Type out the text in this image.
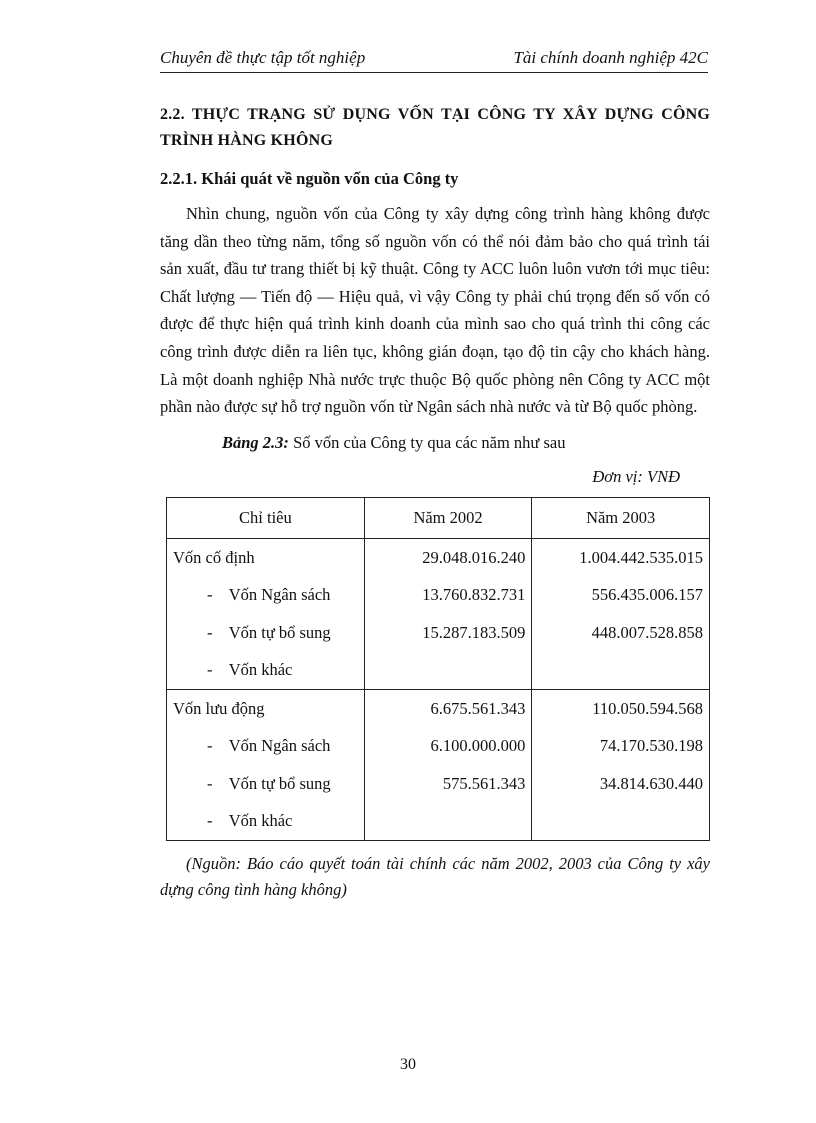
Chuyên đề thực tập tốt nghiệp	Tài chính doanh nghiệp 42C
2.2. THỰC TRẠNG SỬ DỤNG VỐN TẠI CÔNG TY XÂY DỰNG CÔNG TRÌNH HÀNG KHÔNG
2.2.1. Khái quát về nguồn vốn của Công ty

Nhìn chung, nguồn vốn của Công ty xây dựng công trình hàng không được tăng dần theo từng năm, tổng số nguồn vốn có thể nói đảm bảo cho quá trình tái sản xuất, đầu tư trang thiết bị kỹ thuật. Công ty ACC luôn luôn vươn tới mục tiêu: Chất lượng — Tiến độ — Hiệu quả, vì vậy Công ty phải chú trọng đến số vốn có được để thực hiện quá trình kinh doanh của mình sao cho quá trình thi công các công trình được diễn ra liên tục, không gián đoạn, tạo độ tin cậy cho khách hàng. Là một doanh nghiệp Nhà nước trực thuộc Bộ quốc phòng nên Công ty ACC một phần nào được sự hỗ trợ nguồn vốn từ Ngân sách nhà nước và từ Bộ quốc phòng.

Bảng 2.3: Số vốn của Công ty qua các năm như sau
Đơn vị: VNĐ
Chỉ tiêu	Năm 2002	Năm 2003
Vốn cố định	29.048.016.240	1.004.442.535.015
-    Vốn Ngân sách	13.760.832.731	556.435.006.157
-    Vốn tự bổ sung	15.287.183.509	448.007.528.858
-    Vốn khác		
Vốn lưu động	6.675.561.343	110.050.594.568
-    Vốn Ngân sách	6.100.000.000	74.170.530.198
-    Vốn tự bổ sung	575.561.343	34.814.630.440
-    Vốn khác		

(Nguồn: Báo cáo quyết toán tài chính các năm 2002, 2003 của Công ty xây dựng công tình hàng không)

30
